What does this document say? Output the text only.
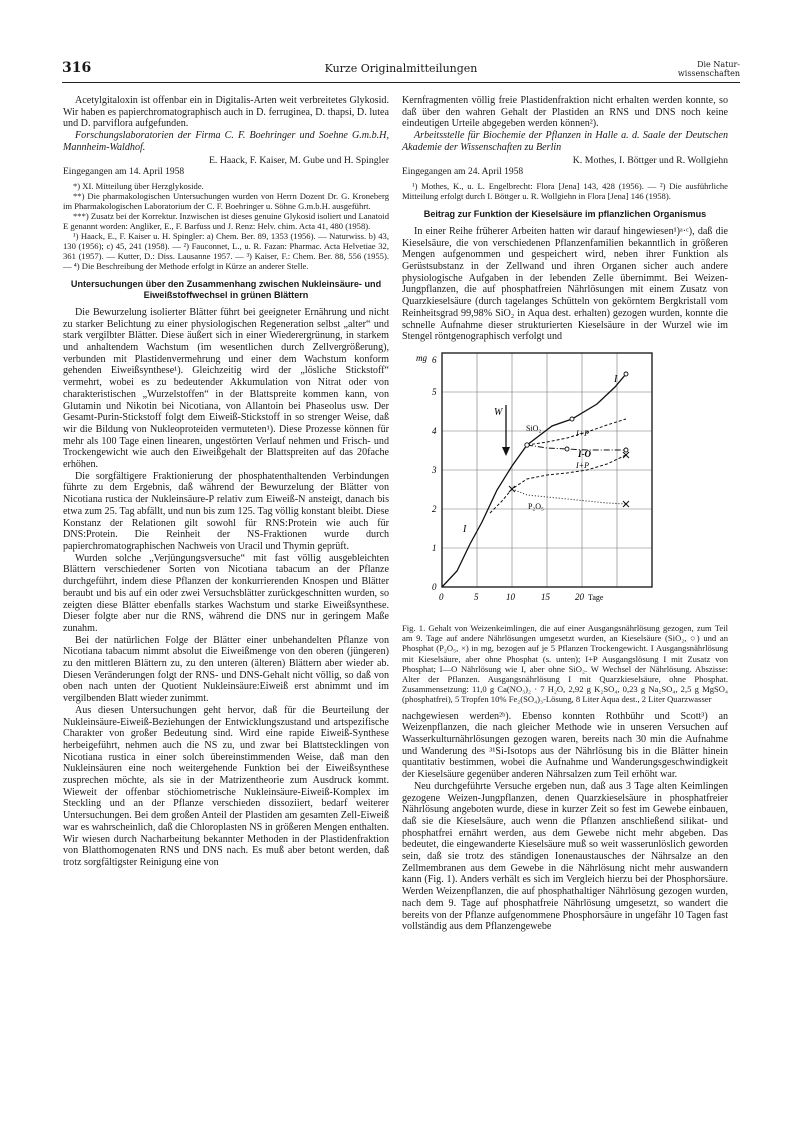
316	Kurze Originalmitteilungen	Die Natur-
wissenschaften

Acetylgitaloxin ist offenbar ein in Digitalis-Arten weit verbreitetes Glykosid. Wir haben es papierchromatographisch auch in D. ferruginea, D. thapsi, D. lutea und D. parviflora aufgefunden.

Forschungslaboratorien der Firma C. F. Boehringer und Soehne G.m.b.H, Mannheim-Waldhof.

E. Haack, F. Kaiser, M. Gube und H. Spingler
Eingegangen am 14. April 1958

*) XI. Mitteilung über Herzglykoside.

**) Die pharmakologischen Untersuchungen wurden von Herrn Dozent Dr. G. Kroneberg im Pharmakologischen Laboratorium der C. F. Boehringer u. Söhne G.m.b.H. ausgeführt.

***) Zusatz bei der Korrektur. Inzwischen ist dieses genuine Glykosid isoliert und Lanatoid E genannt worden: Angliker, E., F. Barfuss und J. Renz: Helv. chim. Acta 41, 480 (1958).

¹) Haack, E., F. Kaiser u. H. Spingler: a) Chem. Ber. 89, 1353 (1956). — Naturwiss. b) 43, 130 (1956); c) 45, 241 (1958). — ²) Fauconnet, L., u. R. Fazan: Pharmac. Acta Helvetiae 32, 361 (1957). — Kutter, D.: Diss. Lausanne 1957. — ³) Kaiser, F.: Chem. Ber. 88, 556 (1955). — ⁴) Die Beschreibung der Methode erfolgt in Kürze an anderer Stelle.

Untersuchungen über den Zusammenhang zwischen Nukleinsäure- und Eiweißstoffwechsel in grünen Blättern

Die Bewurzelung isolierter Blätter führt bei geeigneter Ernährung und nicht zu starker Belichtung zu einer physiologischen Regeneration selbst „alter“ und stark vergilbter Blätter. Diese äußert sich in einer Wiederergrünung, in starkem und anhaltendem Wachstum (im wesentlichen durch Zellvergrößerung), verbunden mit Plastidenvermehrung und einer dem Wachstum konform gehenden Eiweißsynthese¹). Gleichzeitig wird der „lösliche Stickstoff“ vermehrt, wobei es zu bedeutender Akkumulation von Nitrat oder von charakteristischen „Wurzelstoffen“ in der Blattspreite kommen kann, von Glutamin und Nikotin bei Nicotiana, von Allantoin bei Phaseolus usw. Der Gesamt-Purin-Stickstoff folgt dem Eiweiß-Stickstoff in so strenger Weise, daß wir die Bildung von Nukleoproteiden vermuteten¹). Diese Prozesse können für mehr als 100 Tage einen linearen, ungestörten Verlauf nehmen und Frisch- und Trockengewicht wie auch den Eiweißgehalt der Blattspreiten auf das 20fache erhöhen.

Die sorgfältigere Fraktionierung der phosphatenthaltenden Verbindungen führte zu dem Ergebnis, daß während der Bewurzelung der Blätter von Nicotiana rustica der Nukleinsäure-P relativ zum Eiweiß-N ansteigt, danach bis etwa zum 25. Tag abfällt, und nun bis zum 125. Tag völlig konstant bleibt. Diese Konstanz der Relationen gilt sowohl für RNS:Protein wie auch für DNS:Protein. Die Reinheit der NS-Fraktionen wurde durch papierchromatographischen Nachweis von Uracil und Thymin geprüft.

Wurden solche „Verjüngungsversuche“ mit fast völlig ausgebleichten Blättern verschiedener Sorten von Nicotiana tabacum an der Pflanze durchgeführt, indem diese Pflanzen der konkurrierenden Knospen und Blätter beraubt und bis auf ein oder zwei Versuchsblätter zurückgeschnitten wurden, so zeigten diese Blätter ebenfalls starkes Wachstum und starke Eiweißsynthese. Dieser folgte aber nur die RNS, während die DNS nur in geringem Maße zunahm.

Bei der natürlichen Folge der Blätter einer unbehandelten Pflanze von Nicotiana tabacum nimmt absolut die Eiweißmenge von den oberen (jüngeren) zu den mittleren Blättern zu, zu den unteren (älteren) Blättern aber wieder ab. Diesen Veränderungen folgt der RNS- und DNS-Gehalt nicht völlig, so daß von oben nach unten der Quotient Nukleinsäure:Eiweiß erst abnimmt und im vergilbenden Blatt wieder zunimmt.

Aus diesen Untersuchungen geht hervor, daß für die Beurteilung der Nukleinsäure-Eiweiß-Beziehungen der Entwicklungszustand und artspezifische Charakter von großer Bedeutung sind. Wird eine rapide Eiweiß-Synthese herbeigeführt, nehmen auch die NS zu, und zwar bei Blattstecklingen von Nicotiana rustica in einer solch übereinstimmenden Weise, daß man den Nukleinsäuren eine noch weitergehende Funktion bei der Eiweißsynthese zusprechen möchte, als sie in der Matrizentheorie zum Ausdruck kommt. Wieweit der offenbar stöchiometrische Nukleinsäure-Eiweiß-Komplex im Steckling und an der Pflanze verschieden dissoziiert, bedarf weiterer Untersuchungen. Bei dem großen Anteil der Plastiden am gesamten Zell-Eiweiß war es wahrscheinlich, daß die Chloroplasten NS in größeren Mengen enthalten. Wir wiesen durch Nacharbeitung bekannter Methoden in der Plastidenfraktion von Blatthomogenaten RNS und DNS nach. Es muß aber betont werden, daß trotz sorgfältigster Reinigung eine von

Kernfragmenten völlig freie Plastidenfraktion nicht erhalten werden konnte, so daß über den wahren Gehalt der Plastiden an RNS und DNS noch keine eindeutigen Urteile abgegeben werden können²).

Arbeitsstelle für Biochemie der Pflanzen in Halle a. d. Saale der Deutschen Akademie der Wissenschaften zu Berlin

K. Mothes, I. Böttger und R. Wollgiehn
Eingegangen am 24. April 1958

¹) Mothes, K., u. L. Engelbrecht: Flora [Jena] 143, 428 (1956). — ²) Die ausführliche Mitteilung erfolgt durch I. Böttger u. R. Wollgiehn in Flora [Jena] 146 (1958).

Beitrag zur Funktion der Kieselsäure im pflanzlichen Organismus

In einer Reihe früherer Arbeiten hatten wir darauf hingewiesen¹)ᵃ·ᶜ), daß die Kieselsäure, die von verschiedenen Pflanzenfamilien bekanntlich in größeren Mengen aufgenommen und gespeichert wird, neben ihrer Funktion als Gerüstsubstanz in der Zellwand und ihren Organen sicher auch andere physiologische Aufgaben in der lebenden Zelle übernimmt. Bei Weizen-Jungpflanzen, die auf phosphatfreien Nährlösungen mit einem Zusatz von Quarzkieselsäure (durch tagelanges Schütteln von gekörntem Bergkristall vom Reinheitsgrad 99,98% SiO₂ in Aqua dest. erhalten) gezogen wurden, konnte die schnelle Aufnahme dieser strukturierten Kieselsäure in der Wurzel wie im Stengel röntgenographisch verfolgt und

mg
0
1
2
3
4
5
6
0	5	10	15	20 Tage
W
I
I
SiO₂
I+P
I-O
I+P
P₂O₅

Fig. 1. Gehalt von Weizenkeimlingen, die auf einer Ausgangsnährlösung gezogen, zum Teil am 9. Tage auf andere Nährlösungen umgesetzt wurden, an Kieselsäure (SiO₂, ○) und an Phosphat (P₂O₅, ×) in mg, bezogen auf je 5 Pflanzen Trockengewicht. I Ausgangsnährlösung mit Kieselsäure, aber ohne Phosphat (s. unten); I+P Ausgangslösung I mit Zusatz von Phosphat; I—O Nährlösung wie I, aber ohne SiO₂. W Wechsel der Nährlösung. Abszisse: Alter der Pflanzen. Ausgangsnährlösung I mit Quarzkieselsäure, ohne Phosphat. Zusammensetzung: 11,0 g Ca(NO₃)₂ · 7 H₂O, 2,92 g K₂SO₄, 0,23 g Na₂SO₄, 2,5 g MgSO₄ (phosphatfrei), 5 Tropfen 10% Fe₂(SO₄)₃-Lösung, 8 Liter Aqua dest., 2 Liter Quarzwasser

nachgewiesen werden²ᵇ). Ebenso konnten Rothbühr und Scott³) an Weizenpflanzen, die nach gleicher Methode wie in unseren Versuchen auf Wasserkulturnährlösungen gezogen waren, bereits nach 30 min die Aufnahme und Wanderung des ³¹Si-Isotops aus der Nährlösung bis in die Blätter hinein quantitativ bestimmen, wobei die Aufnahme und Wanderungsgeschwindigkeit der Kieselsäure gegenüber anderen Nährsalzen zum Teil erhöht war.

Neu durchgeführte Versuche ergeben nun, daß aus 3 Tage alten Keimlingen gezogene Weizen-Jungpflanzen, denen Quarzkieselsäure in phosphatfreier Nährlösung angeboten wurde, diese in kurzer Zeit so fest im Gewebe einbauen, daß sie die Kieselsäure, auch wenn die Pflanzen anschließend silikat- und phosphatfrei ernährt werden, aus dem Gewebe nicht mehr abgeben. Das bedeutet, die eingewanderte Kieselsäure muß so weit wasserunlöslich geworden sein, daß sie trotz des ständigen Ionenaustausches der Nährsalze an den Zellmembranen aus dem Gewebe in die Nährlösung nicht mehr auswandern kann (Fig. 1). Anders verhält es sich im Vergleich hierzu bei der Phosphorsäure. Werden Weizenpflanzen, die auf phosphathaltiger Nährlösung gezogen wurden, nach dem 9. Tage auf phosphatfreie Nährlösung umgesetzt, so wandert die bereits von der Pflanze aufgenommene Phosphorsäure in ungefähr 10 Tagen fast vollständig aus dem Pflanzengewebe
